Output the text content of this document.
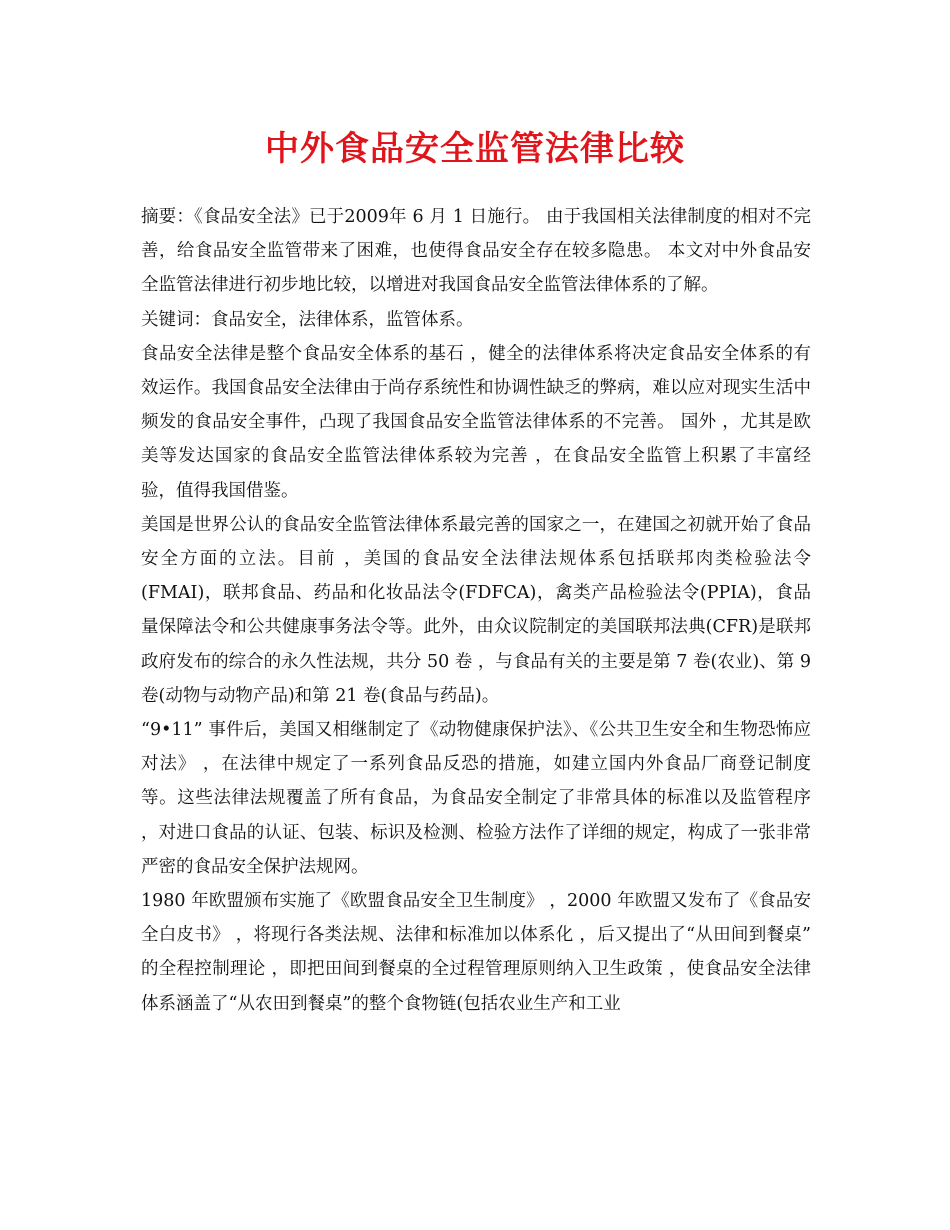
中外食品安全监管法律比较

摘要：《食品安全法》已于2009年 6 月 1 日施行。 由于我国相关法律制度的相对不完善，给食品安全监管带来了困难，也使得食品安全存在较多隐患。 本文对中外食品安全监管法律进行初步地比较，以增进对我国食品安全监管法律体系的了解。

关键词：食品安全，法律体系，监管体系。

食品安全法律是整个食品安全体系的基石 ，健全的法律体系将决定食品安全体系的有效运作。我国食品安全法律由于尚存系统性和协调性缺乏的弊病，难以应对现实生活中频发的食品安全事件，凸现了我国食品安全监管法律体系的不完善。 国外 ，尤其是欧美等发达国家的食品安全监管法律体系较为完善 ，在食品安全监管上积累了丰富经验，值得我国借鉴。

美国是世界公认的食品安全监管法律体系最完善的国家之一，在建国之初就开始了食品安全方面的立法。目前 ，美国的食品安全法律法规体系包括联邦肉类检验法令(FMAI)，联邦食品、药品和化妆品法令(FDFCA)，禽类产品检验法令(PPIA)，食品量保障法令和公共健康事务法令等。此外，由众议院制定的美国联邦法典(CFR)是联邦政府发布的综合的永久性法规，共分 50 卷 ，与食品有关的主要是第 7 卷(农业)、第 9 卷(动物与动物产品)和第 21 卷(食品与药品)。

“9•11” 事件后，美国又相继制定了《动物健康保护法》、《公共卫生安全和生物恐怖应对法》 ，在法律中规定了一系列食品反恐的措施，如建立国内外食品厂商登记制度等。这些法律法规覆盖了所有食品，为食品安全制定了非常具体的标准以及监管程序 ，对进口食品的认证、包装、标识及检测、检验方法作了详细的规定，构成了一张非常严密的食品安全保护法规网。

1980 年欧盟颁布实施了《欧盟食品安全卫生制度》 ，2000 年欧盟又发布了《食品安全白皮书》 ，将现行各类法规、法律和标准加以体系化 ，后又提出了“从田间到餐桌” 的全程控制理论 ，即把田间到餐桌的全过程管理原则纳入卫生政策 ，使食品安全法律体系涵盖了“从农田到餐桌”的整个食物链(包括农业生产和工业
